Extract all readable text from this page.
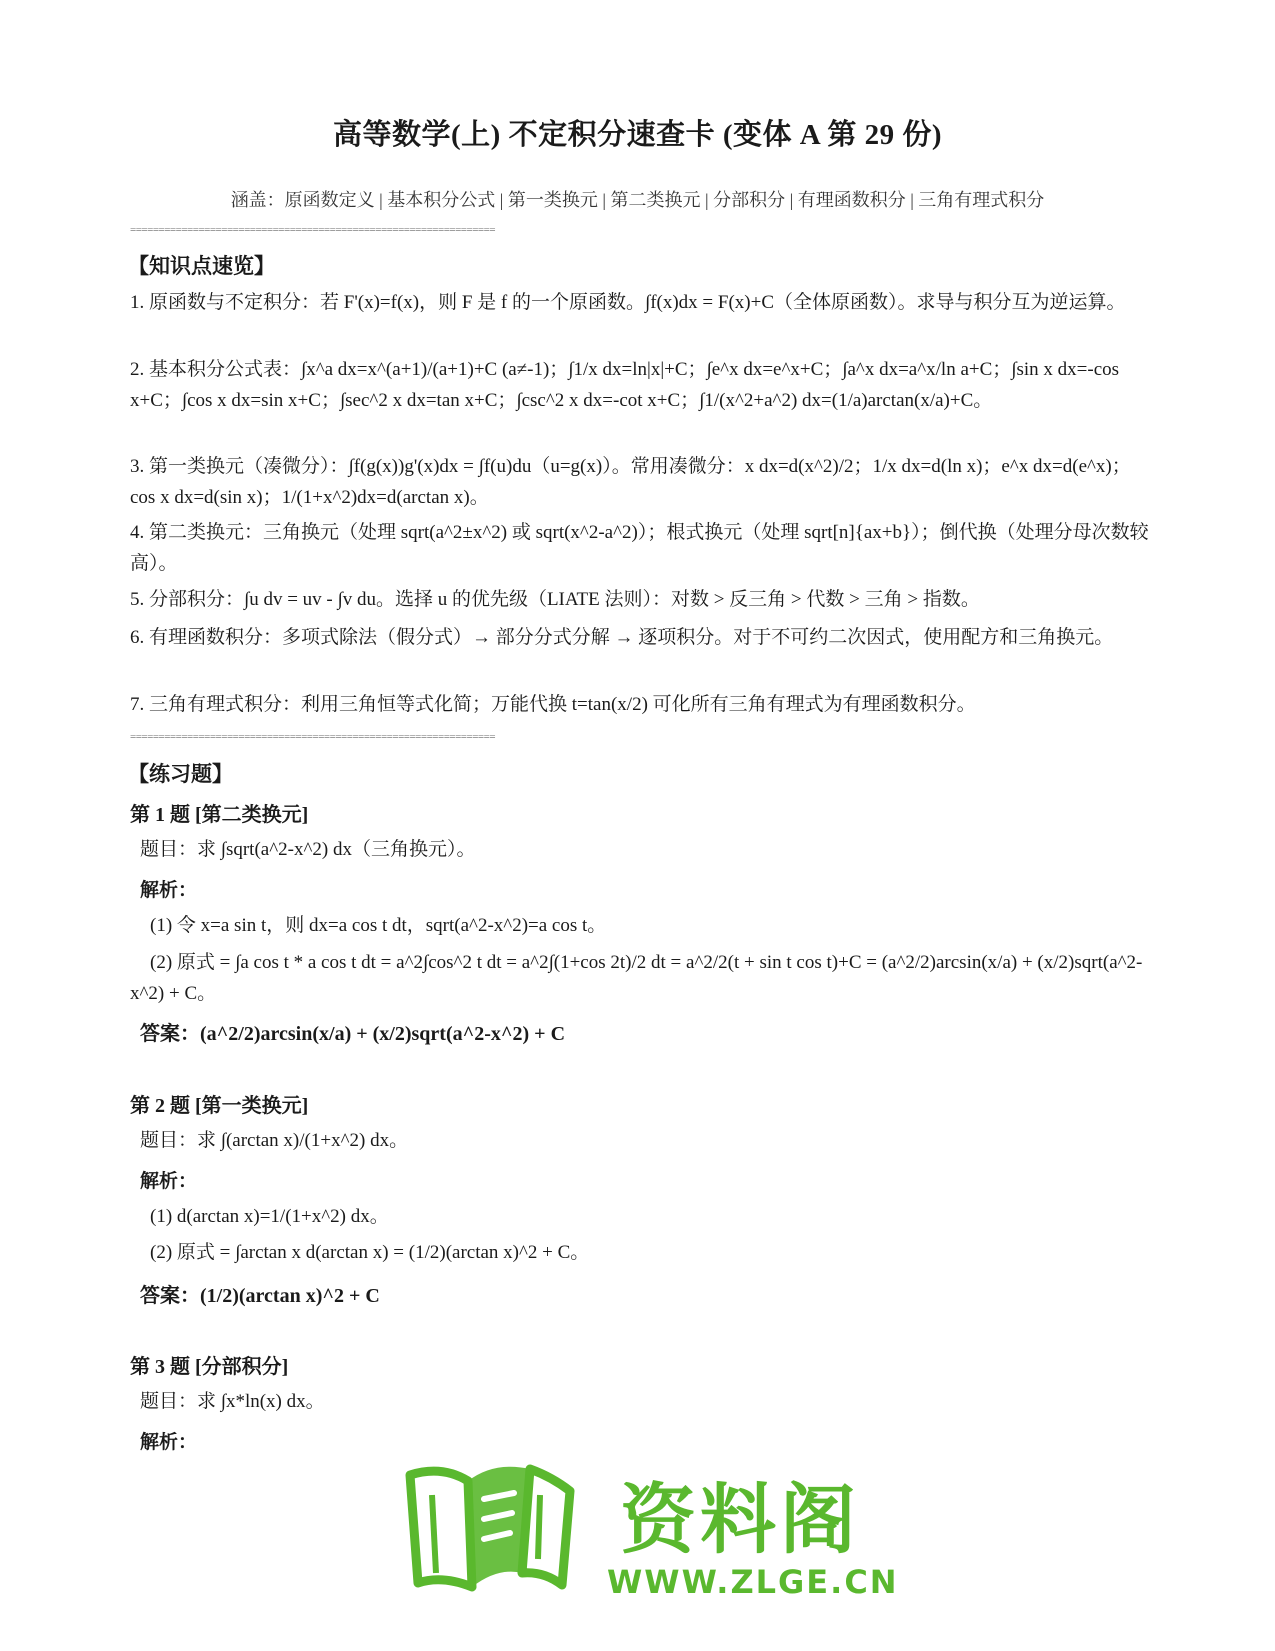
高等数学(上) 不定积分速查卡 (变体 A 第 29 份)
涵盖：原函数定义 | 基本积分公式 | 第一类换元 | 第二类换元 | 分部积分 | 有理函数积分 | 三角有理式积分
================================================================
【知识点速览】
1. 原函数与不定积分：若 F'(x)=f(x)，则 F 是 f 的一个原函数。∫f(x)dx = F(x)+C（全体原函数）。求导与积分互为逆运算。
2. 基本积分公式表：∫x^a dx=x^(a+1)/(a+1)+C (a≠-1)；∫1/x dx=ln|x|+C；∫e^x dx=e^x+C；∫a^x dx=a^x/ln a+C；∫sin x dx=-cos x+C；∫cos x dx=sin x+C；∫sec^2 x dx=tan x+C；∫csc^2 x dx=-cot x+C；∫1/(x^2+a^2) dx=(1/a)arctan(x/a)+C。
3. 第一类换元（凑微分）：∫f(g(x))g'(x)dx = ∫f(u)du（u=g(x)）。常用凑微分：x dx=d(x^2)/2；1/x dx=d(ln x)；e^x dx=d(e^x)；cos x dx=d(sin x)；1/(1+x^2)dx=d(arctan x)。
4. 第二类换元：三角换元（处理 sqrt(a^2±x^2) 或 sqrt(x^2-a^2)）；根式换元（处理 sqrt[n]{ax+b}）；倒代换（处理分母次数较高）。
5. 分部积分：∫u dv = uv - ∫v du。选择 u 的优先级（LIATE 法则）：对数 > 反三角 > 代数 > 三角 > 指数。
6. 有理函数积分：多项式除法（假分式）→ 部分分式分解 → 逐项积分。对于不可约二次因式，使用配方和三角换元。
7. 三角有理式积分：利用三角恒等式化简；万能代换 t=tan(x/2) 可化所有三角有理式为有理函数积分。
================================================================
【练习题】
第 1 题 [第二类换元]
题目：求 ∫sqrt(a^2-x^2) dx（三角换元）。
解析：
(1) 令 x=a sin t，则 dx=a cos t dt，sqrt(a^2-x^2)=a cos t。
(2) 原式 = ∫a cos t * a cos t dt = a^2∫cos^2 t dt = a^2∫(1+cos 2t)/2 dt = a^2/2(t + sin t cos t)+C = (a^2/2)arcsin(x/a) + (x/2)sqrt(a^2-x^2) + C。
答案：(a^2/2)arcsin(x/a) + (x/2)sqrt(a^2-x^2) + C
第 2 题 [第一类换元]
题目：求 ∫(arctan x)/(1+x^2) dx。
解析：
(1) d(arctan x)=1/(1+x^2) dx。
(2) 原式 = ∫arctan x d(arctan x) = (1/2)(arctan x)^2 + C。
答案：(1/2)(arctan x)^2 + C
第 3 题 [分部积分]
题目：求 ∫x*ln(x) dx。
解析：
资料阁
WWW.ZLGE.CN
